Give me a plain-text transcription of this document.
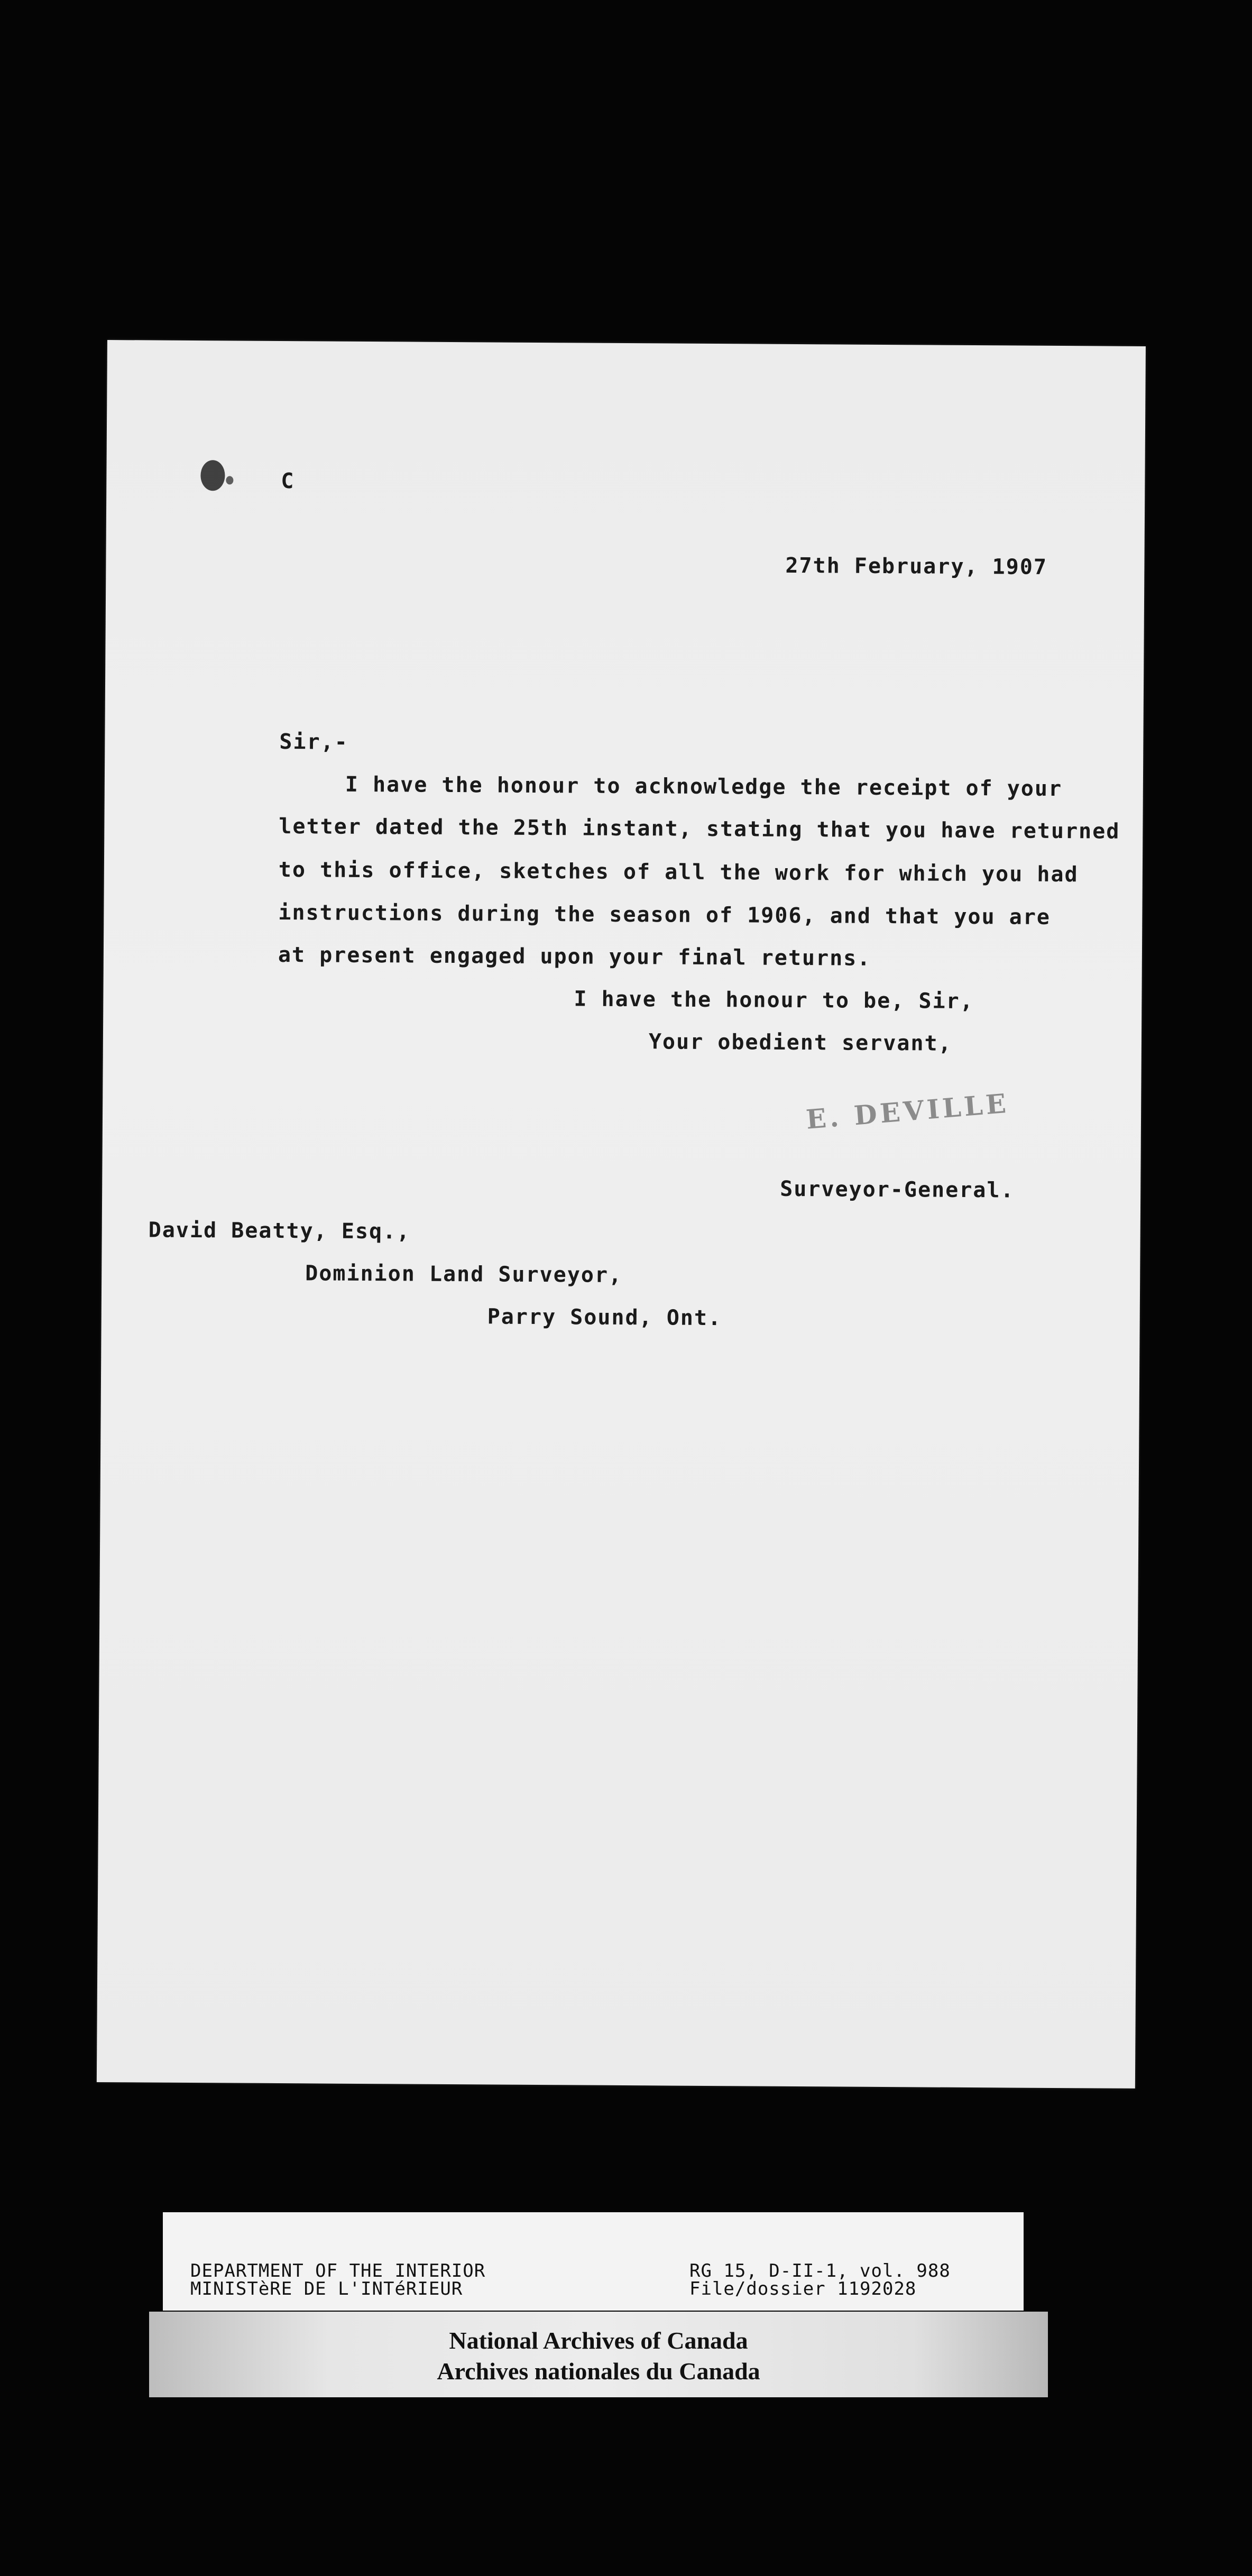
C
27th February, 1907
Sir,-
I have the honour to acknowledge the receipt of your
letter dated the 25th instant, stating that you have returned
to this office, sketches of all the work for which you had
instructions during the season of 1906, and that you are
at present engaged upon your final returns.
I have the honour to be, Sir,
Your obedient servant,
E. DEVILLE
Surveyor-General.
David Beatty, Esq.,
Dominion Land Surveyor,
Parry Sound, Ont.
DEPARTMENT OF THE INTERIOR
MINISTèRE DE L'INTéRIEUR
RG 15, D-II-1, vol. 988
File/dossier 1192028
National Archives of Canada
Archives nationales du Canada
